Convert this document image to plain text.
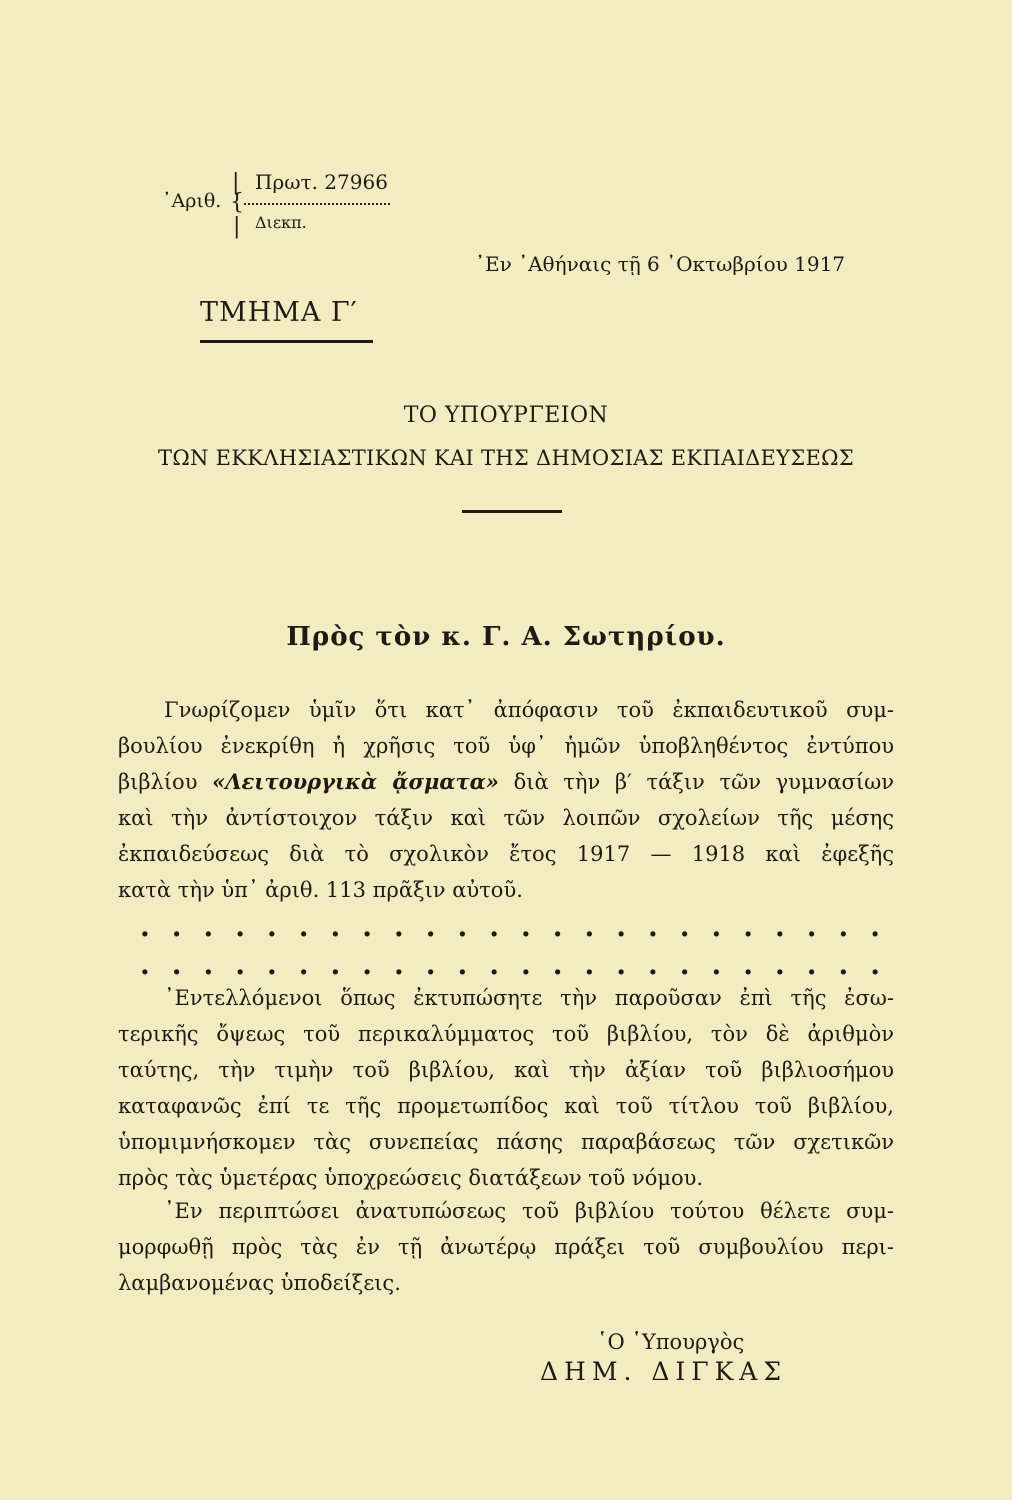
| Πρωτ. 27966
᾿Αριθ. {
| Διεκπ.
᾿Εν ᾿Αθήναις τῇ 6 ᾿Οκτωβρίου 1917
ΤΜΗΜΑ Γ′
ΤΟ ΥΠΟΥΡΓΕΙΟΝ
ΤΩΝ ΕΚΚΛΗΣΙΑΣΤΙΚΩΝ ΚΑΙ ΤΗΣ ΔΗΜΟΣΙΑΣ ΕΚΠΑΙΔΕΥΣΕΩΣ
Πρὸς τὸν κ. Γ. Α. Σωτηρίου.
Γνωρίζομεν ὑμῖν ὅτι κατ᾿ ἀπόφασιν τοῦ ἐκπαιδευτικοῦ συμ-
βουλίου ἐνεκρίθη ἡ χρῆσις τοῦ ὑφ᾿ ἡμῶν ὑποβληθέντος ἐντύπου
βιβλίου «Λειτουργικὰ ᾄσματα» διὰ τὴν β′ τάξιν τῶν γυμνασίων
καὶ τὴν ἀντίστοιχον τάξιν καὶ τῶν λοιπῶν σχολείων τῆς μέσης
ἐκπαιδεύσεως διὰ τὸ σχολικὸν ἔτος 1917 — 1918 καὶ ἐφεξῆς
κατὰ τὴν ὑπ᾿ ἀριθ. 113 πρᾶξιν αὐτοῦ.
. . . . . . . . . . . . . . . . . . . . . . . .
. . . . . . . . . . . . . . . . . . . . . . . .
᾿Εντελλόμενοι ὅπως ἐκτυπώσητε τὴν παροῦσαν ἐπὶ τῆς ἐσω-
τερικῆς ὄψεως τοῦ περικαλύμματος τοῦ βιβλίου, τὸν δὲ ἀριθμὸν
ταύτης, τὴν τιμὴν τοῦ βιβλίου, καὶ τὴν ἀξίαν τοῦ βιβλιοσήμου
καταφανῶς ἐπί τε τῆς προμετωπίδος καὶ τοῦ τίτλου τοῦ βιβλίου,
ὑπομιμνήσκομεν τὰς συνεπείας πάσης παραβάσεως τῶν σχετικῶν
πρὸς τὰς ὑμετέρας ὑποχρεώσεις διατάξεων τοῦ νόμου.
᾿Εν περιπτώσει ἀνατυπώσεως τοῦ βιβλίου τούτου θέλετε συμ-
μορφωθῇ πρὸς τὰς ἐν τῇ ἀνωτέρῳ πράξει τοῦ συμβουλίου περι-
λαμβανομένας ὑποδείξεις.
῾Ο ῾Υπουργὸς
ΔΗΜ. ΔΙΓΚΑΣ
